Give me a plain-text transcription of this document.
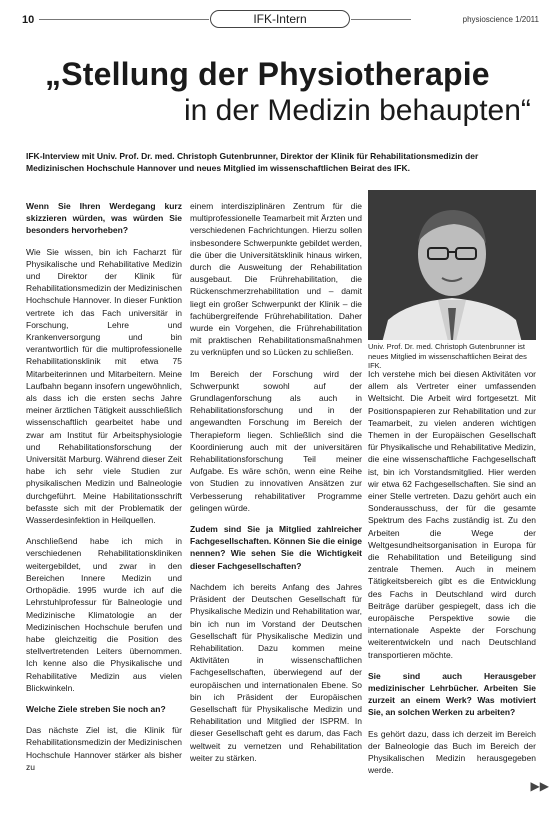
10	IFK-Intern	physioscience 1/2011
„Stellung der Physiotherapie
in der Medizin behaupten“

IFK-Interview mit Univ. Prof. Dr. med. Christoph Gutenbrunner, Direktor der Klinik für Rehabilitationsmedizin der Medizinischen Hochschule Hannover und neues Mitglied im wissenschaftlichen Beirat des IFK.

Wenn Sie Ihren Werdegang kurz skizzieren würden, was würden Sie besonders hervorheben?

Wie Sie wissen, bin ich Facharzt für Physikalische und Rehabilitative Medizin und Direktor der Klinik für Rehabilitationsmedizin der Medizinischen Hochschule Hannover. In dieser Funktion vertrete ich das Fach universitär in Forschung, Lehre und Krankenversorgung und bin verantwortlich für die multiprofessionelle Rehabilitationsklinik mit etwa 75 Mitarbeiterinnen und Mitarbeitern. Meine Laufbahn begann insofern ungewöhnlich, als dass ich die ersten sechs Jahre meiner ärztlichen Tätigkeit ausschließlich wissenschaftlich gearbeitet habe und zwar am Institut für Arbeitsphysiologie und Rehabilitationsforschung der Universität Marburg. Während dieser Zeit habe ich sehr viele Studien zur physikalischen Medizin und Balneologie durchgeführt. Meine Habilitationsschrift befasste sich mit der Problematik der Wasserdesinfektion in Heilquellen.

Anschließend habe ich mich in verschiedenen Rehabilitationskliniken weitergebildet, und zwar in den Bereichen Innere Medizin und Orthopädie. 1995 wurde ich auf die Lehrstuhlprofessur für Balneologie und Medizinische Klimatologie an der Medizinischen Hochschule berufen und habe gleichzeitig die Position des stellvertretenden Leiters übernommen. Ich kenne also die Physikalische und Rehabilitative Medizin aus vielen Blickwinkeln.

Welche Ziele streben Sie noch an?

Das nächste Ziel ist, die Klinik für Rehabilitationsmedizin der Medizinischen Hochschule Hannover stärker als bisher zu

einem interdisziplinären Zentrum für die multiprofessionelle Teamarbeit mit Ärzten und verschiedenen Fachrichtungen. Hierzu sollen insbesondere Schwerpunkte gebildet werden, die über die Universitätsklinik hinaus wirken, durch die Ausweitung der Rehabilitation ausgebaut. Die Frührehabilitation, die Rückenschmerzrehabilitation und – damit liegt ein großer Schwerpunkt der Klinik – die fachübergreifende Frührehabilitation. Daher wurde ein Vorgehen, die Frührehabilitation mit praktischen Rehabilitationsmaßnahmen zu verknüpfen und so Lücken zu schließen.

Im Bereich der Forschung wird der Schwerpunkt sowohl auf der Grundlagenforschung als auch in Rehabilitationsforschung und in der angewandten Forschung im Bereich der Therapieform liegen. Schließlich sind die Koordinierung auch mit der universitären Rehabilitationsforschung Teil meiner Aufgabe. Es wäre schön, wenn eine Reihe von Studien zu innovativen Ansätzen zur Verbesserung rehabilitativer Programme gelingen würde.

Zudem sind Sie ja Mitglied zahlreicher Fachgesellschaften. Können Sie die einige nennen? Wie sehen Sie die Wichtigkeit dieser Fachgesellschaften?

Nachdem ich bereits Anfang des Jahres Präsident der Deutschen Gesellschaft für Physikalische Medizin und Rehabilitation war, bin ich nun im Vorstand der Deutschen Gesellschaft für Physikalische Medizin und Rehabilitation. Dazu kommen meine Aktivitäten in wissenschaftlichen Fachgesellschaften, überwiegend auf der europäischen und internationalen Ebene. So bin ich Präsident der Europäischen Gesellschaft für Physikalische Medizin und Rehabilitation und Mitglied der ISPRM. In dieser Gesellschaft geht es darum, das Fach weltweit zu vernetzen und Rehabilitation weiter zu stärken.

Univ. Prof. Dr. med. Christoph Gutenbrunner ist neues Mitglied im wissenschaftlichen Beirat des IFK.

Ich verstehe mich bei diesen Aktivitäten vor allem als Vertreter einer umfassenden Weltsicht. Die Arbeit wird fortgesetzt. Mit Positionspapieren zur Rehabilitation und zur Teamarbeit, zu vielen anderen wichtigen Themen in der Europäischen Gesellschaft für Physikalische und Rehabilitative Medizin, die eine wissenschaftliche Fachgesellschaft ist, bin ich Vorstandsmitglied. Hier werden wir etwa 62 Fachgesellschaften. Sie sind an einer Stelle vertreten. Dazu gehört auch ein Sonderausschuss, der für die gesamte Spektrum des Fachs zuständig ist. Zu den Arbeiten die Wege der Weltgesundheitsorganisation in Europa für die Rehabilitation und Beteiligung sind zentrale Themen. Auch in meinem Tätigkeitsbereich gibt es die Entwicklung des Fachs in Deutschland wird durch Beiträge darüber gespiegelt, dass ich die europäische Perspektive sowie die internationale Aspekte der Forschung weiterentwickeln und nach Deutschland transportieren möchte.

Sie sind auch Herausgeber medizinischer Lehrbücher. Arbeiten Sie zurzeit an einem Werk? Was motiviert Sie, an solchen Werken zu arbeiten?

Es gehört dazu, dass ich derzeit im Bereich der Balneologie das Buch im Bereich der Physikalischen Medizin herausgegeben werde.

▶▶
